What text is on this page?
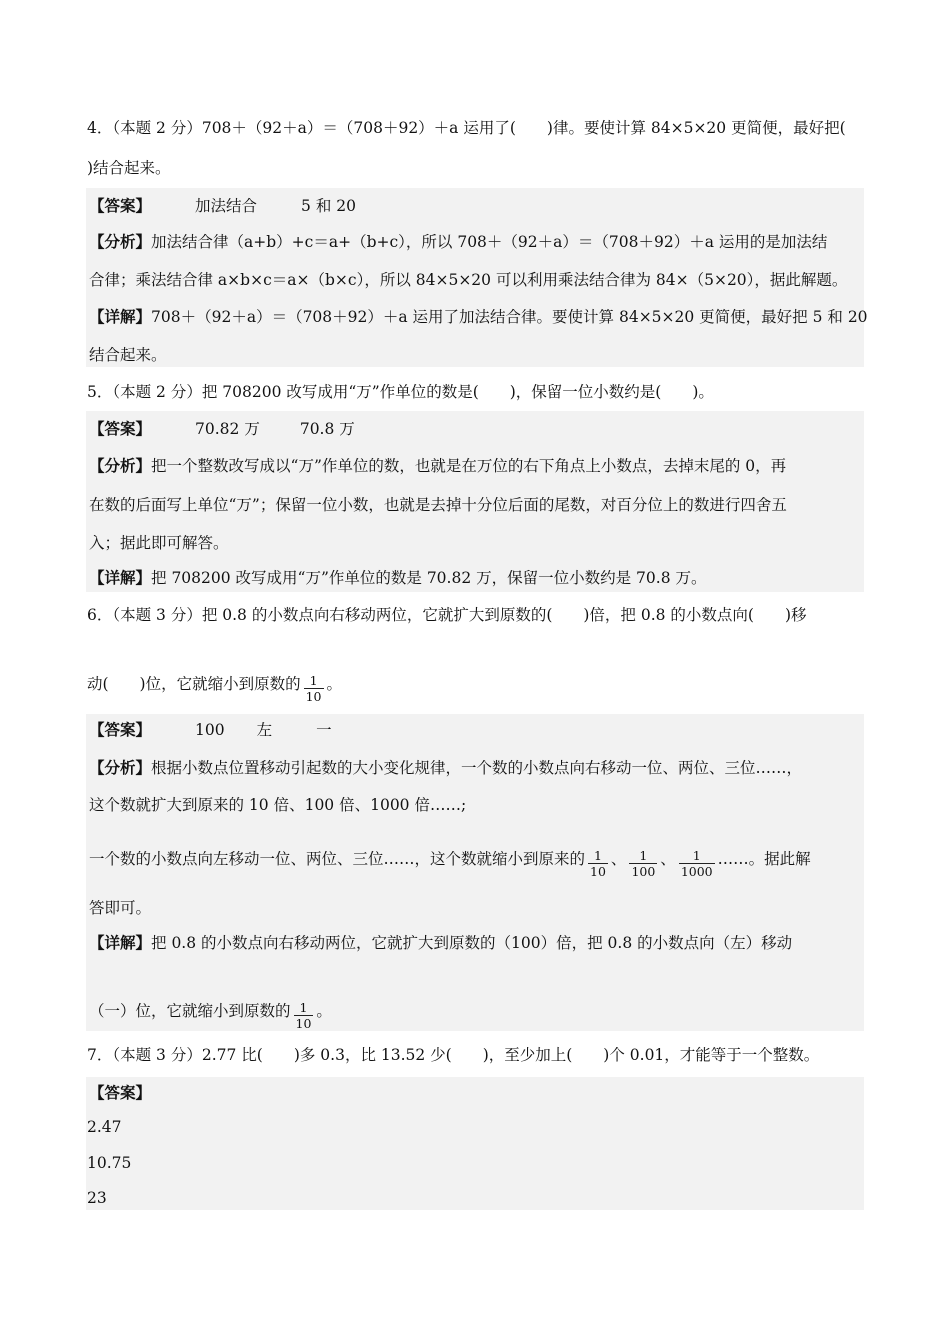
4．（本题 2 分）708＋（92＋a）＝（708＋92）＋a 运用了(　　)律。要使计算 84×5×20 更简便，最好把(
)结合起来。
【答案】	加法结合	5 和 20
【分析】加法结合律（a+b）+c＝a+（b+c），所以 708＋（92＋a）＝（708＋92）＋a 运用的是加法结
合律；乘法结合律 a×b×c＝a×（b×c），所以 84×5×20 可以利用乘法结合律为 84×（5×20），据此解题。
【详解】708＋（92＋a）＝（708＋92）＋a 运用了加法结合律。要使计算 84×5×20 更简便，最好把 5 和 20
结合起来。
5．（本题 2 分）把 708200 改写成用“万”作单位的数是(　　)，保留一位小数约是(　　)。
【答案】	70.82 万	70.8 万
【分析】把一个整数改写成以“万”作单位的数，也就是在万位的右下角点上小数点，去掉末尾的 0，再
在数的后面写上单位“万”；保留一位小数，也就是去掉十分位后面的尾数，对百分位上的数进行四舍五
入；据此即可解答。
【详解】把 708200 改写成用“万”作单位的数是 70.82 万，保留一位小数约是 70.8 万。
6．（本题 3 分）把 0.8 的小数点向右移动两位，它就扩大到原数的(　　)倍，把 0.8 的小数点向(　　)移
动(　　)位，它就缩小到原数的 $\frac{1}{10}$ 。
【答案】	100 左	一
【分析】根据小数点位置移动引起数的大小变化规律，一个数的小数点向右移动一位、两位、三位……，
这个数就扩大到原来的 10 倍、100 倍、1000 倍……;
一个数的小数点向左移动一位、两位、三位……，这个数就缩小到原来的 $\frac{1}{10}$ 、 $\frac{1}{100}$ 、 $\frac{1}{1000}$ ……。据此解
答即可。
【详解】把 0.8 的小数点向右移动两位，它就扩大到原数的（100）倍，把 0.8 的小数点向（左）移动
（一）位，它就缩小到原数的 $\frac{1}{10}$ 。
7．（本题 3 分）2.77 比(　　)多 0.3，比 13.52 少(　　)，至少加上(　　)个 0.01，才能等于一个整数。
【答案】
2.47
10.75
23
